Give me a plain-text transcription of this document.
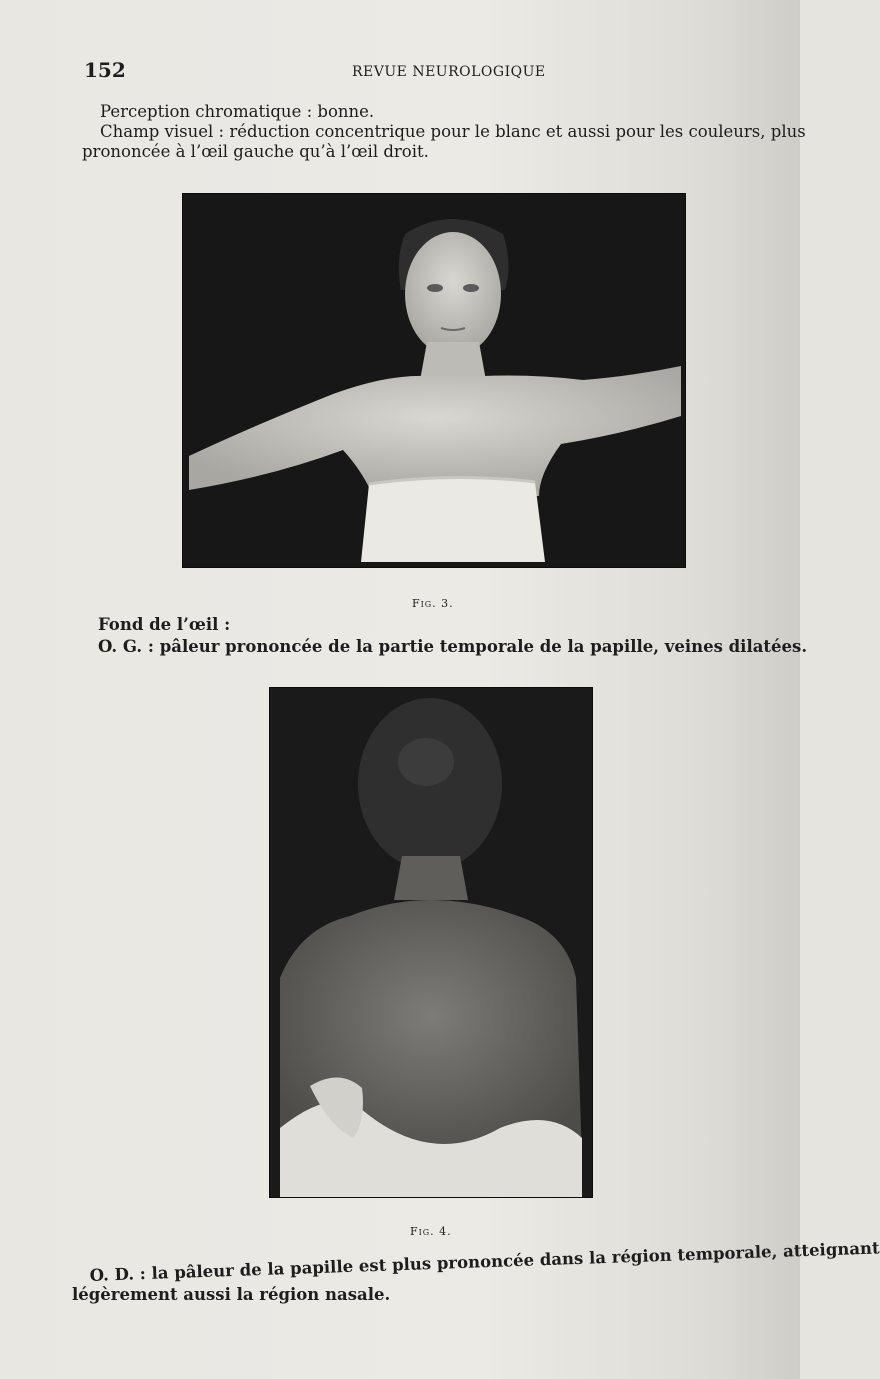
152	REVUE NEUROLOGIQUE
Perception chromatique : bonne.
Champ visuel : réduction concentrique pour le blanc et aussi pour les couleurs, plus
prononcée à l’œil gauche qu’à l’œil droit.
Fig. 3.
Fond de l’œil :
O. G. : pâleur prononcée de la partie temporale de la papille, veines dilatées.
Fig. 4.
O. D. : la pâleur de la papille est plus prononcée dans la région temporale, atteignant
légèrement aussi la région nasale.
